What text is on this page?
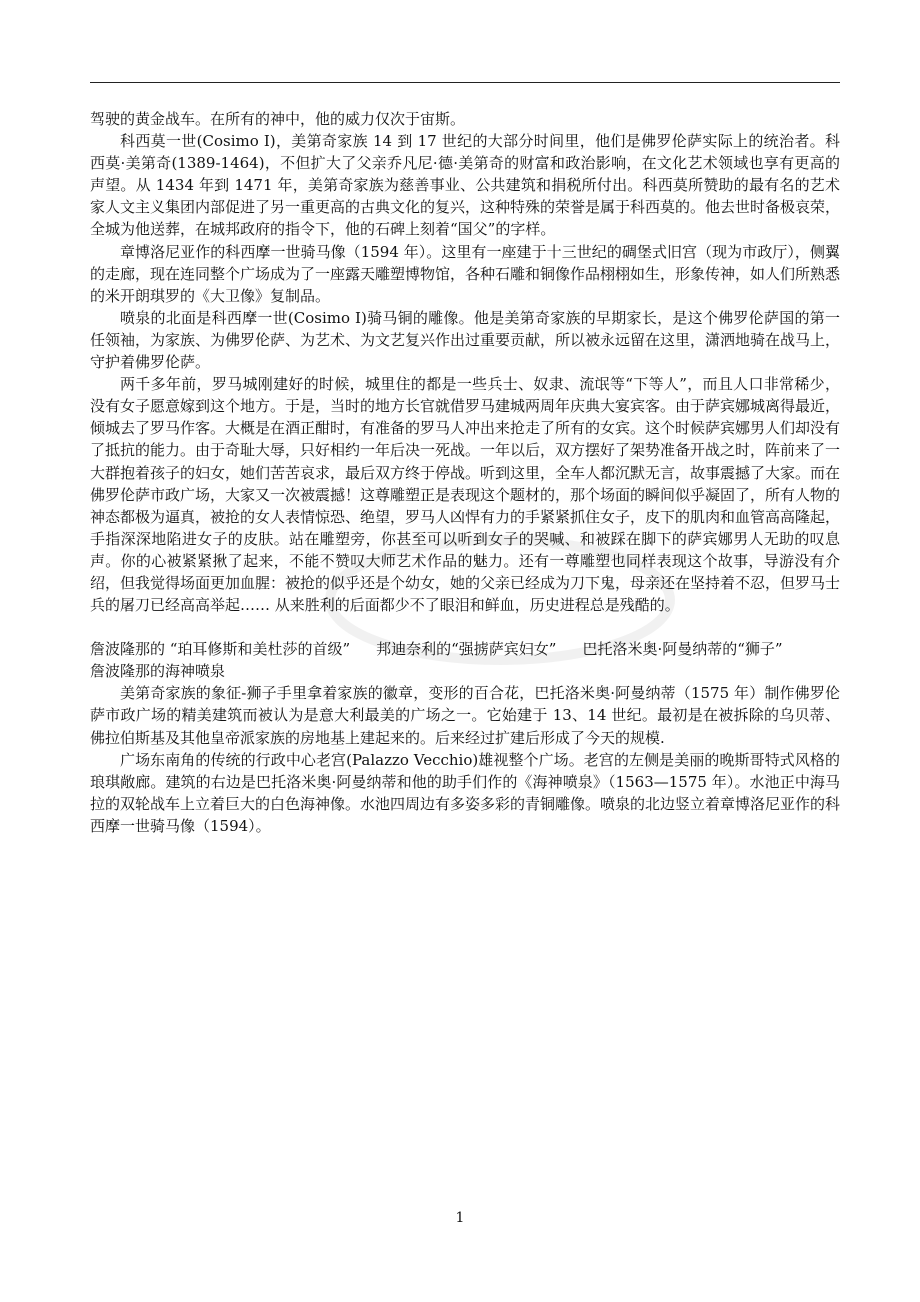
驾驶的黄金战车。在所有的神中，他的威力仅次于宙斯。

科西莫一世(Cosimo I)，美第奇家族 14 到 17 世纪的大部分时间里，他们是佛罗伦萨实际上的统治者。科西莫·美第奇(1389-1464)，不但扩大了父亲乔凡尼·德·美第奇的财富和政治影响，在文化艺术领域也享有更高的声望。从 1434 年到 1471 年，美第奇家族为慈善事业、公共建筑和捐税所付出。科西莫所赞助的最有名的艺术家人文主义集团内部促进了另一重更高的古典文化的复兴，这种特殊的荣誉是属于科西莫的。他去世时备极哀荣，全城为他送葬，在城邦政府的指令下，他的石碑上刻着“国父”的字样。

章博洛尼亚作的科西摩一世骑马像（1594 年）。这里有一座建于十三世纪的碉堡式旧宫（现为市政厅），侧翼的走廊，现在连同整个广场成为了一座露天雕塑博物馆，各种石雕和铜像作品栩栩如生，形象传神，如人们所熟悉的米开朗琪罗的《大卫像》复制品。

喷泉的北面是科西摩一世(Cosimo I)骑马铜的雕像。他是美第奇家族的早期家长，是这个佛罗伦萨国的第一任领袖，为家族、为佛罗伦萨、为艺术、为文艺复兴作出过重要贡献，所以被永远留在这里，潇洒地骑在战马上，守护着佛罗伦萨。

两千多年前，罗马城刚建好的时候，城里住的都是一些兵士、奴隶、流氓等“下等人”，而且人口非常稀少，没有女子愿意嫁到这个地方。于是，当时的地方长官就借罗马建城两周年庆典大宴宾客。由于萨宾娜城离得最近，倾城去了罗马作客。大概是在酒正酣时，有准备的罗马人冲出来抢走了所有的女宾。这个时候萨宾娜男人们却没有了抵抗的能力。由于奇耻大辱，只好相约一年后决一死战。一年以后，双方摆好了架势准备开战之时，阵前来了一大群抱着孩子的妇女，她们苦苦哀求，最后双方终于停战。听到这里，全车人都沉默无言，故事震撼了大家。而在佛罗伦萨市政广场，大家又一次被震撼！这尊雕塑正是表现这个题材的，那个场面的瞬间似乎凝固了，所有人物的神态都极为逼真，被抢的女人表情惊恐、绝望，罗马人凶悍有力的手紧紧抓住女子，皮下的肌肉和血管高高隆起，手指深深地陷进女子的皮肤。站在雕塑旁，你甚至可以听到女子的哭喊、和被踩在脚下的萨宾娜男人无助的叹息声。你的心被紧紧揪了起来，不能不赞叹大师艺术作品的魅力。还有一尊雕塑也同样表现这个故事，导游没有介绍，但我觉得场面更加血腥：被抢的似乎还是个幼女，她的父亲已经成为刀下鬼，母亲还在坚持着不忍，但罗马士兵的屠刀已经高高举起…… 从来胜利的后面都少不了眼泪和鲜血，历史进程总是残酷的。

詹波隆那的 “珀耳修斯和美杜莎的首级” 邦迪奈利的“强掳萨宾妇女” 巴托洛米奥·阿曼纳蒂的“狮子”

詹波隆那的海神喷泉

美第奇家族的象征-狮子手里拿着家族的徽章，变形的百合花，巴托洛米奥·阿曼纳蒂（1575 年）制作佛罗伦萨市政广场的精美建筑而被认为是意大利最美的广场之一。它始建于 13、14 世纪。最初是在被拆除的乌贝蒂、佛拉伯斯基及其他皇帝派家族的房地基上建起来的。后来经过扩建后形成了今天的规模.

广场东南角的传统的行政中心老宫(Palazzo Vecchio)雄视整个广场。老宫的左侧是美丽的晚斯哥特式风格的琅琪敞廊。建筑的右边是巴托洛米奥·阿曼纳蒂和他的助手们作的《海神喷泉》（1563—1575 年）。水池正中海马拉的双轮战车上立着巨大的白色海神像。水池四周边有多姿多彩的青铜雕像。喷泉的北边竖立着章博洛尼亚作的科西摩一世骑马像（1594）。

1
